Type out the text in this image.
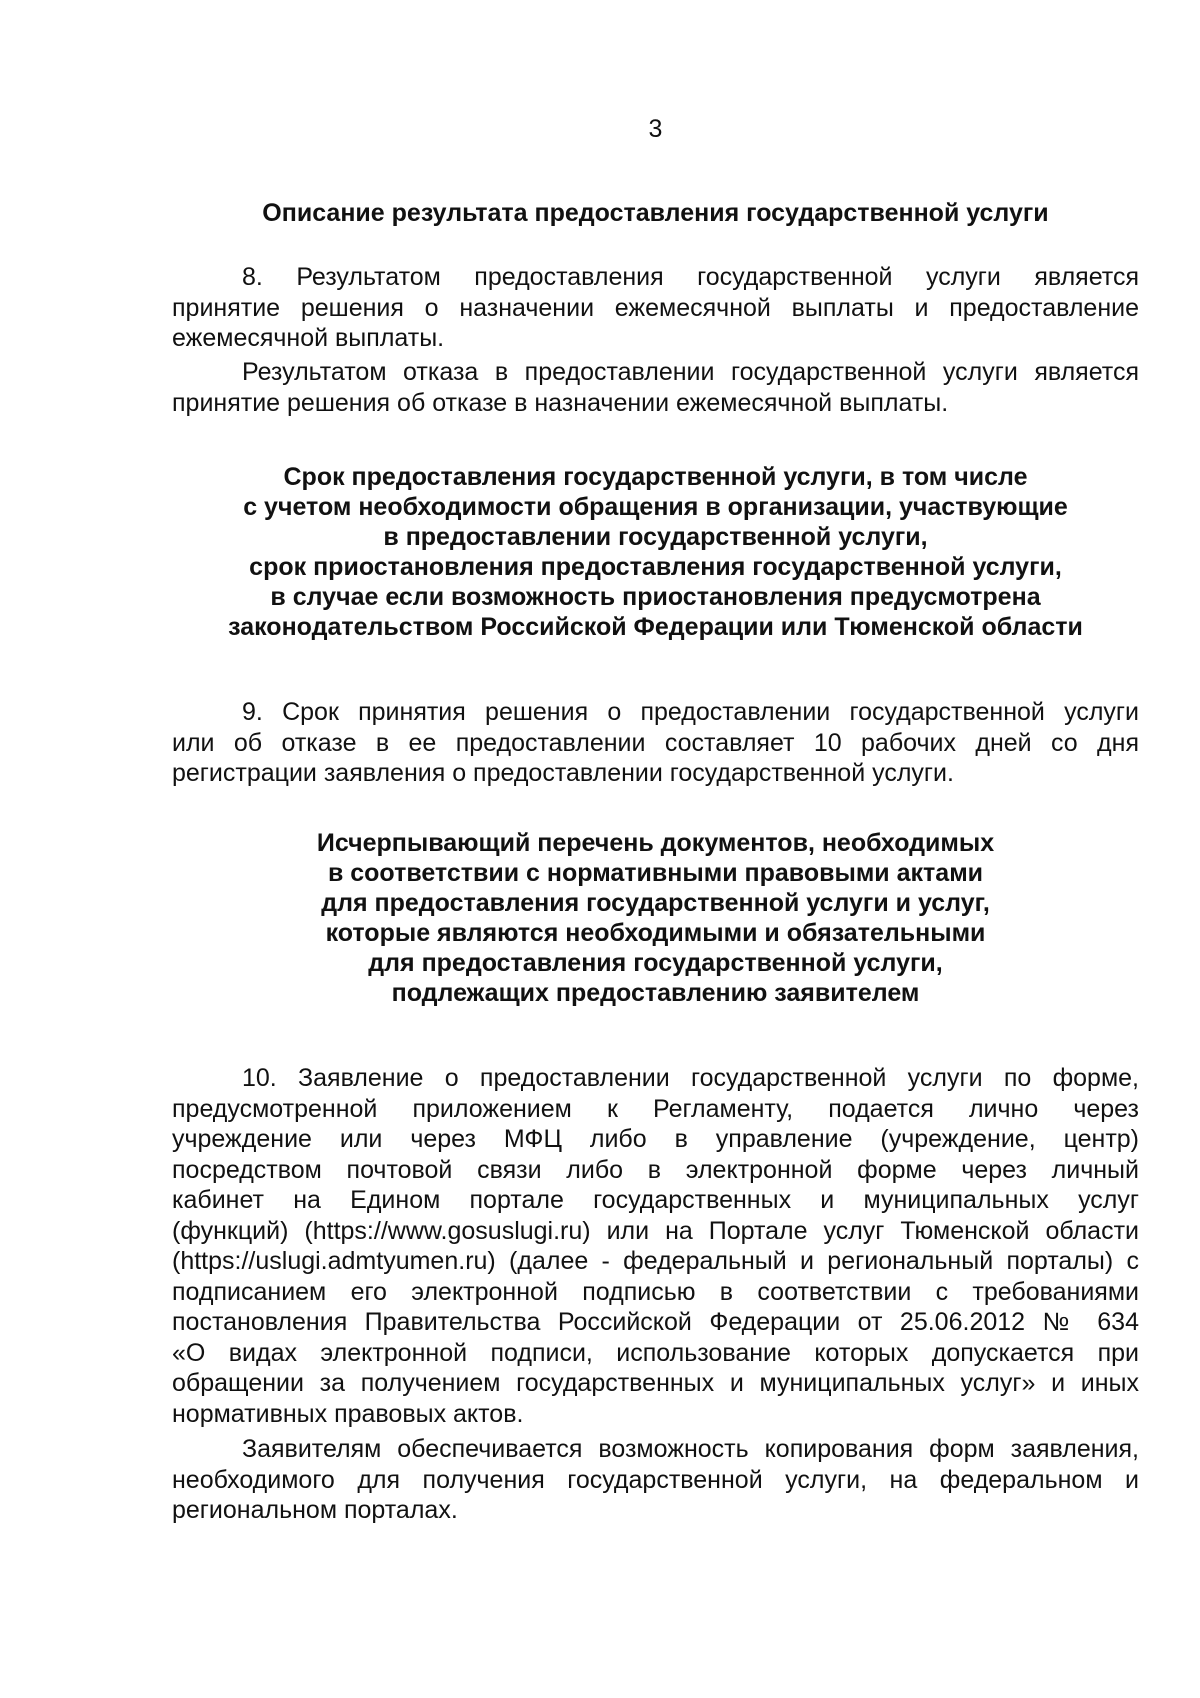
3
Описание результата предоставления государственной услуги
8. Результатом предоставления государственной услуги является
принятие решения о назначении ежемесячной выплаты и предоставление
ежемесячной выплаты.
Результатом отказа в предоставлении государственной услуги является
принятие решения об отказе в назначении ежемесячной выплаты.
Срок предоставления государственной услуги, в том числе
с учетом необходимости обращения в организации, участвующие
в предоставлении государственной услуги,
срок приостановления предоставления государственной услуги,
в случае если возможность приостановления предусмотрена
законодательством Российской Федерации или Тюменской области
9. Срок принятия решения о предоставлении государственной услуги
или об отказе в ее предоставлении составляет 10 рабочих дней со дня
регистрации заявления о предоставлении государственной услуги.
Исчерпывающий перечень документов, необходимых
в соответствии с нормативными правовыми актами
для предоставления государственной услуги и услуг,
которые являются необходимыми и обязательными
для предоставления государственной услуги,
подлежащих предоставлению заявителем
10. Заявление о предоставлении государственной услуги по форме,
предусмотренной приложением к Регламенту, подается лично через
учреждение или через МФЦ либо в управление (учреждение, центр)
посредством почтовой связи либо в электронной форме через личный
кабинет на Едином портале государственных и муниципальных услуг
(функций) (https://www.gosuslugi.ru) или на Портале услуг Тюменской области
(https://uslugi.admtyumen.ru) (далее - федеральный и региональный порталы) с
подписанием его электронной подписью в соответствии с требованиями
постановления Правительства Российской Федерации от 25.06.2012 № 634
«О видах электронной подписи, использование которых допускается при
обращении за получением государственных и муниципальных услуг» и иных
нормативных правовых актов.
Заявителям обеспечивается возможность копирования форм заявления,
необходимого для получения государственной услуги, на федеральном и
региональном порталах.
